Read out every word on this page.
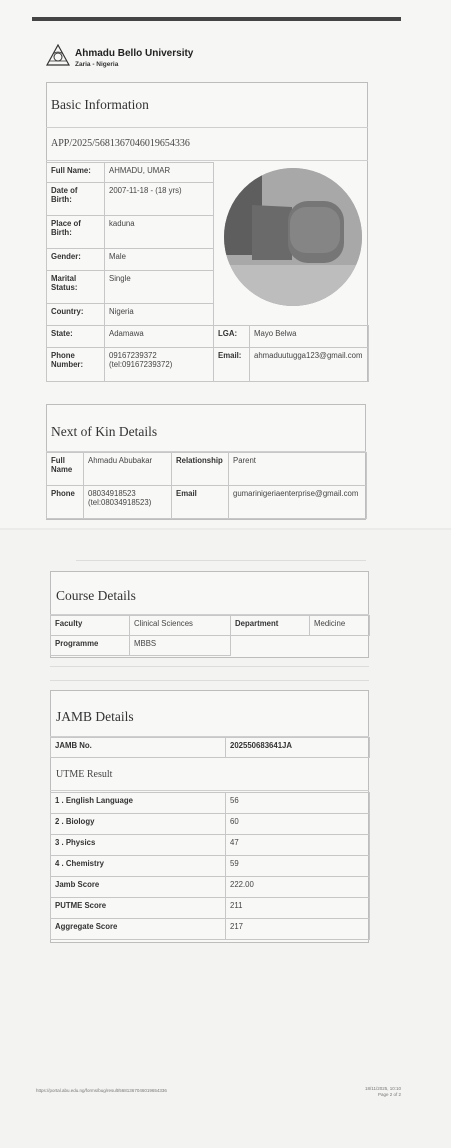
Ahmadu Bello University
Zaria - Nigeria
Basic Information
APP/2025/5681367046019654336
Full Name:	AHMADU, UMAR
Date of Birth:	2007-11-18 - (18 yrs)
Place of Birth:	kaduna
Gender:	Male
Marital Status:	Single
Country:	Nigeria
State:	Adamawa	LGA:	Mayo Belwa
Phone Number:	09167239372 (tel:09167239372)	Email:	ahmaduutugga123@gmail.com
Next of Kin Details
Full Name	Ahmadu Abubakar	Relationship	Parent
Phone	08034918523 (tel:08034918523)	Email	gumarinigeriaenterprise@gmail.com
Course Details
Faculty	Clinical Sciences	Department	Medicine
Programme	MBBS		
JAMB Details
JAMB No.	202550683641JA
UTME Result
1 . English Language	56
2 . Biology	60
3 . Physics	47
4 . Chemistry	59
Jamb Score	222.00
PUTME Score	211
Aggregate Score	217
https://portal.abu.edu.ng/forms/bug/result/5681367046019654336	18/11/2025, 10:10
Page 2 of 2
